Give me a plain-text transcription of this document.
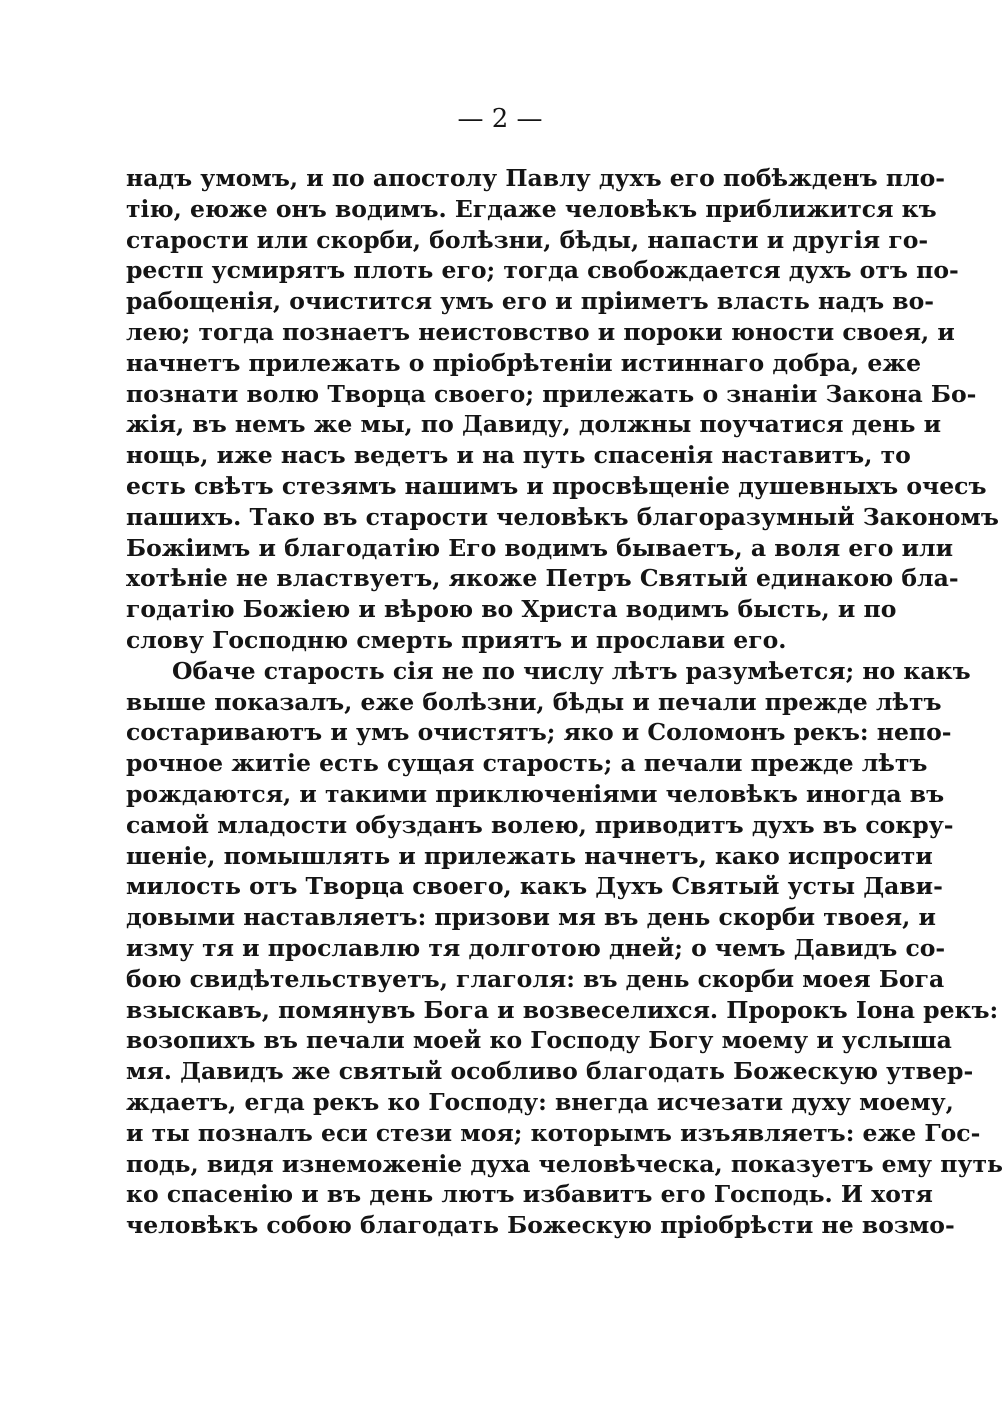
— 2 —
надъ умомъ, и по апостолу Павлу духъ его побѣжденъ пло-
тію, еюже онъ водимъ. Егдаже человѣкъ приближится къ
старости или скорби, болѣзни, бѣды, напасти и другія го-
рестп усмирятъ плоть его; тогда свобождается духъ отъ по-
рабощенія, очистится умъ его и пріиметъ власть надъ во-
лею; тогда познаетъ неистовство и пороки юности своея, и
начнетъ прилежать о пріобрѣтеніи истиннаго добра, еже
познати волю Творца своего; прилежать о знаніи Закона Бо-
жія, въ немъ же мы, по Давиду, должны поучатися день и
нощь, иже насъ ведетъ и на путь спасенія наставитъ, то
есть свѣтъ стезямъ нашимъ и просвѣщеніе душевныхъ очесъ
пашихъ. Тако въ старости человѣкъ благоразумный Закономъ
Божіимъ и благодатію Его водимъ бываетъ, а воля его или
хотѣніе не властвуетъ, якоже Петръ Святый единакою бла-
годатію Божіею и вѣрою во Христа водимъ бысть, и по
слову Господню смерть приятъ и прослави его.
Обаче старость сія не по числу лѣтъ разумѣется; но какъ
выше показалъ, еже болѣзни, бѣды и печали прежде лѣтъ
состариваютъ и умъ очистятъ; яко и Соломонъ рекъ: непо-
рочное житіе есть сущая старость; а печали прежде лѣтъ
рождаются, и такими приключеніями человѣкъ иногда въ
самой младости обузданъ волею, приводитъ духъ въ сокру-
шеніе, помышлять и прилежать начнетъ, како испросити
милость отъ Творца своего, какъ Духъ Святый усты Дави-
довыми наставляетъ: призови мя въ день скорби твоея, и
изму тя и прославлю тя долготою дней; о чемъ Давидъ со-
бою свидѣтельствуетъ, глаголя: въ день скорби моея Бога
взыскавъ, помянувъ Бога и возвеселихся. Пророкъ Іона рекъ:
возопихъ въ печали моей ко Господу Богу моему и услыша
мя. Давидъ же святый особливо благодать Божескую утвер-
ждаетъ, егда рекъ ко Господу: внегда исчезати духу моему,
и ты позналъ еси стези моя; которымъ изъявляетъ: еже Гос-
подь, видя изнеможеніе духа человѣческа, показуетъ ему путь
ко спасенію и въ день лютъ избавитъ его Господь. И хотя
человѣкъ собою благодать Божескую пріобрѣсти не возмо-
